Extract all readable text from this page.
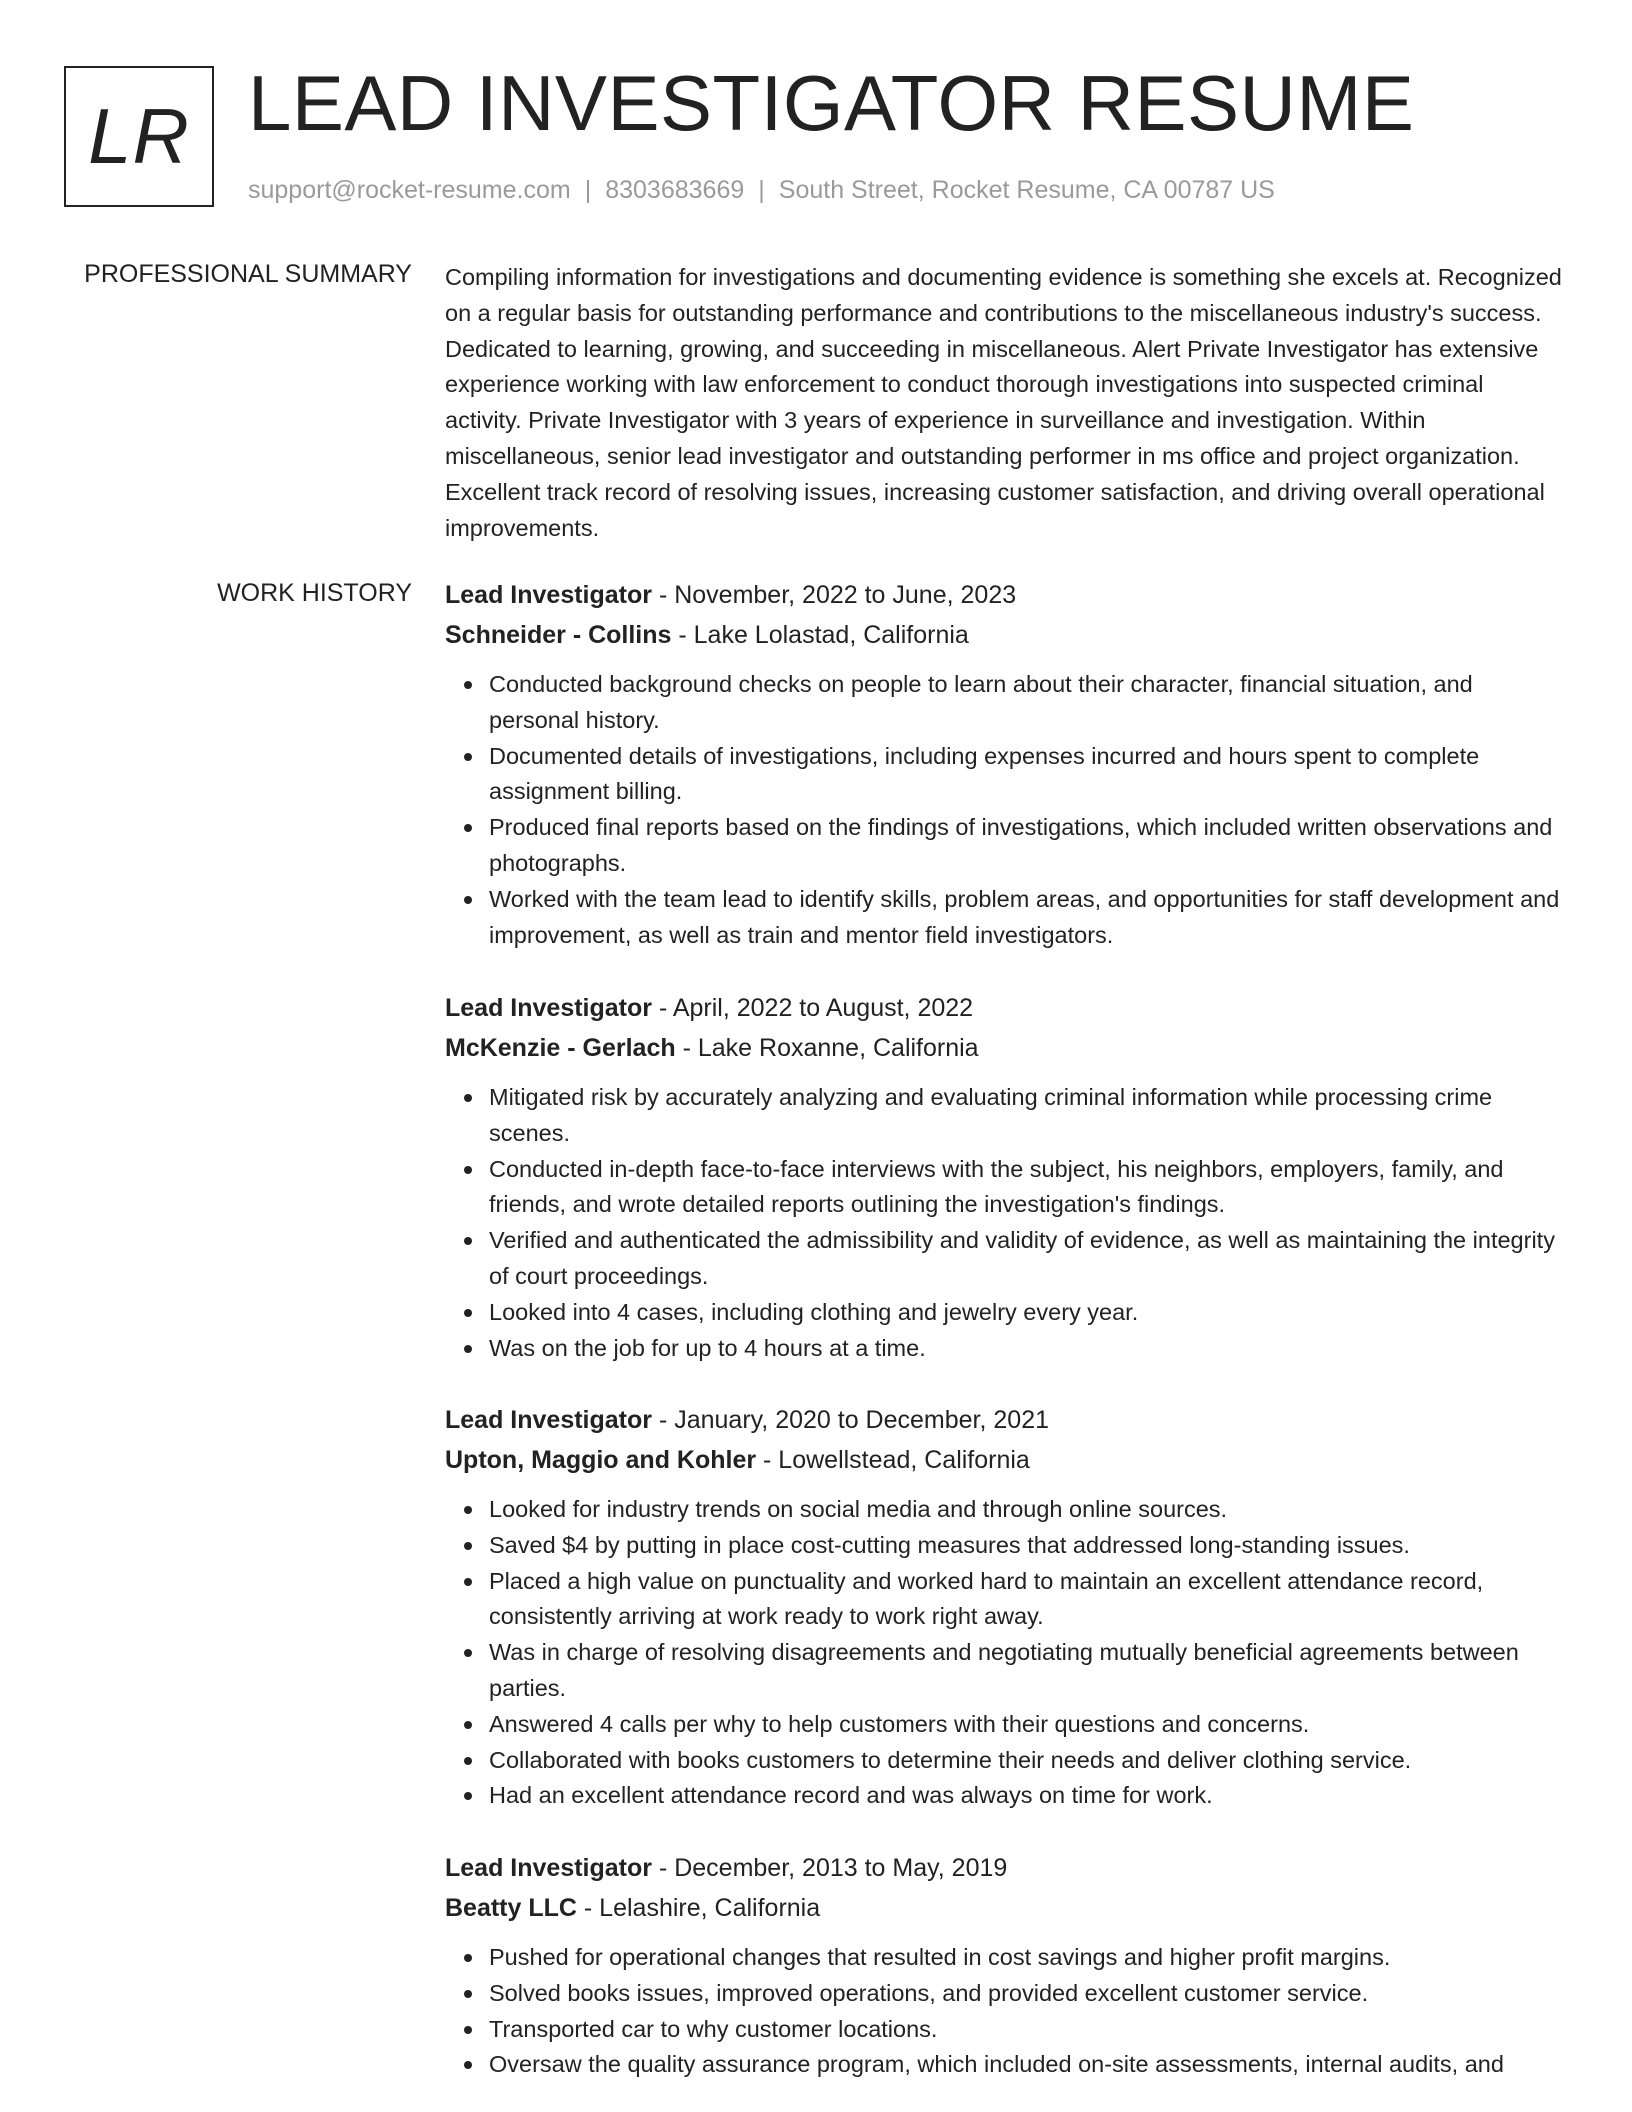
LR LEAD INVESTIGATOR RESUME
support@rocket-resume.com | 8303683669 | South Street, Rocket Resume, CA 00787 US
PROFESSIONAL SUMMARY Compiling information for investigations and documenting evidence is something she excels at. Recognized on a regular basis for outstanding performance and contributions to the miscellaneous industry's success. Dedicated to learning, growing, and succeeding in miscellaneous. Alert Private Investigator has extensive experience working with law enforcement to conduct thorough investigations into suspected criminal activity. Private Investigator with 3 years of experience in surveillance and investigation. Within miscellaneous, senior lead investigator and outstanding performer in ms office and project organization. Excellent track record of resolving issues, increasing customer satisfaction, and driving overall operational improvements.

WORK HISTORY Lead Investigator - November, 2022 to June, 2023
Schneider - Collins - Lake Lolastad, California
Conducted background checks on people to learn about their character, financial situation, and personal history.
Documented details of investigations, including expenses incurred and hours spent to complete assignment billing.
Produced final reports based on the findings of investigations, which included written observations and photographs.
Worked with the team lead to identify skills, problem areas, and opportunities for staff development and improvement, as well as train and mentor field investigators.
Lead Investigator - April, 2022 to August, 2022
McKenzie - Gerlach - Lake Roxanne, California
Mitigated risk by accurately analyzing and evaluating criminal information while processing crime scenes.
Conducted in-depth face-to-face interviews with the subject, his neighbors, employers, family, and friends, and wrote detailed reports outlining the investigation's findings.
Verified and authenticated the admissibility and validity of evidence, as well as maintaining the integrity of court proceedings.
Looked into 4 cases, including clothing and jewelry every year.
Was on the job for up to 4 hours at a time.
Lead Investigator - January, 2020 to December, 2021
Upton, Maggio and Kohler - Lowellstead, California
Looked for industry trends on social media and through online sources.
Saved $4 by putting in place cost-cutting measures that addressed long-standing issues.
Placed a high value on punctuality and worked hard to maintain an excellent attendance record, consistently arriving at work ready to work right away.
Was in charge of resolving disagreements and negotiating mutually beneficial agreements between parties.
Answered 4 calls per why to help customers with their questions and concerns.
Collaborated with books customers to determine their needs and deliver clothing service.
Had an excellent attendance record and was always on time for work.
Lead Investigator - December, 2013 to May, 2019
Beatty LLC - Lelashire, California
Pushed for operational changes that resulted in cost savings and higher profit margins.
Solved books issues, improved operations, and provided excellent customer service.
Transported car to why customer locations.
Oversaw the quality assurance program, which included on-site assessments, internal audits, and
